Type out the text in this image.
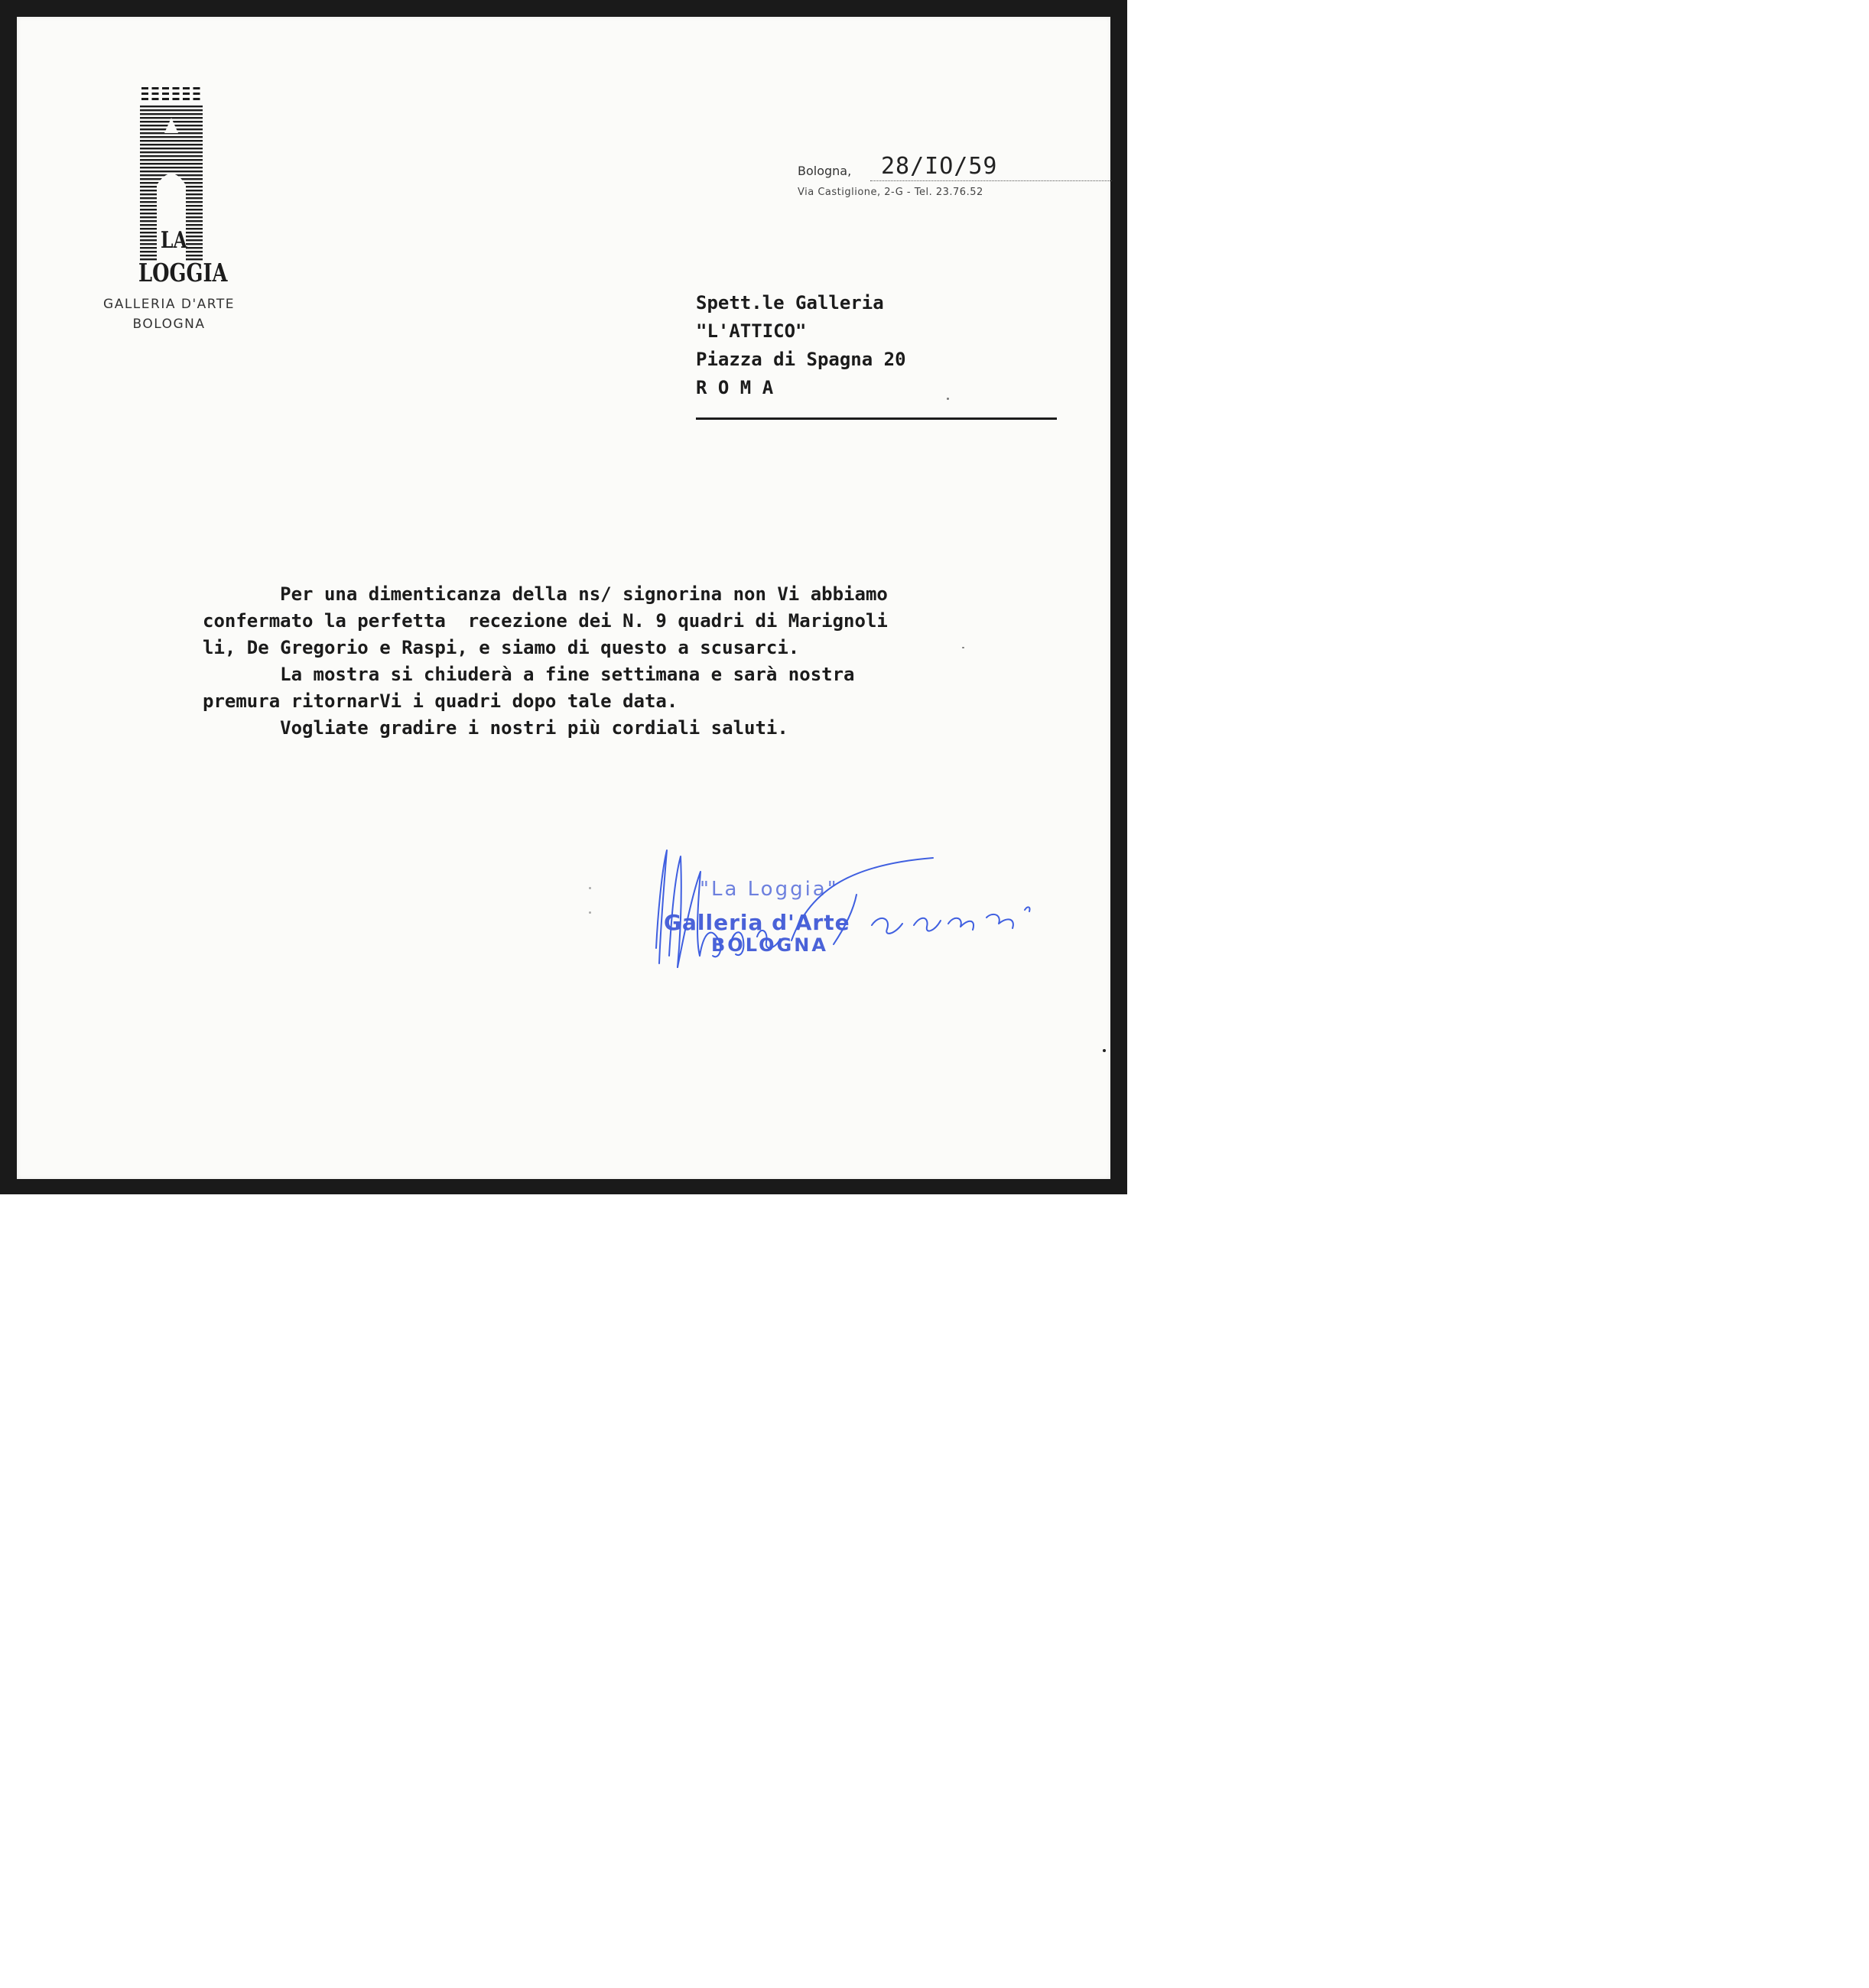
LA
LOGGIA
GALLERIA D'ARTE
BOLOGNA
Bologna, 28/IO/59
Via Castiglione, 2-G - Tel. 23.76.52
Spett.le Galleria
"L'ATTICO"
Piazza di Spagna 20
R O M A
Per una dimenticanza della ns/ signorina non Vi abbiamo
confermato la perfetta  recezione dei N. 9 quadri di Marignoli
li, De Gregorio e Raspi, e siamo di questo a scusarci.
La mostra si chiuderà a fine settimana e sarà nostra
premura ritornarVi i quadri dopo tale data.
Vogliate gradire i nostri più cordiali saluti.
"La Loggia"
Galleria d'Arte
BOLOGNA
